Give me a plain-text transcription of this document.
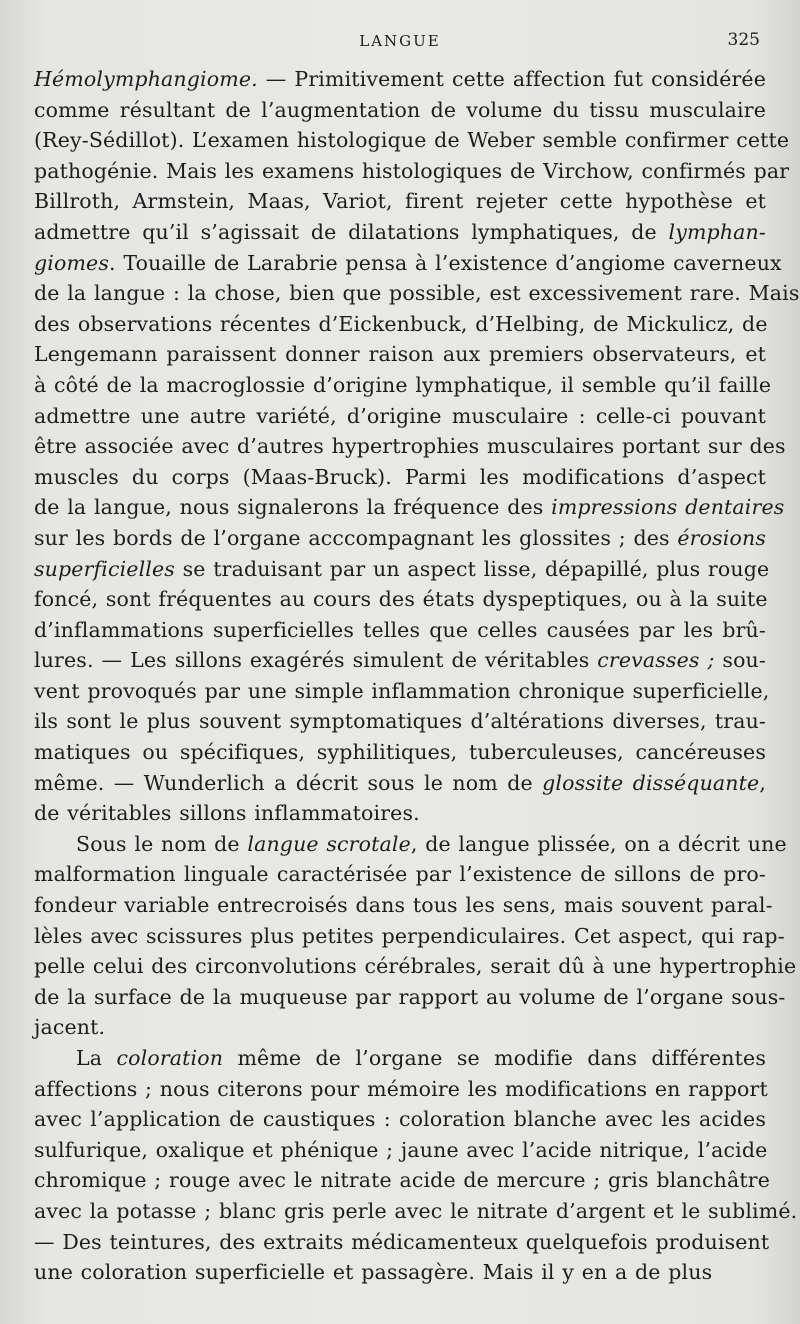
LANGUE	325
Hémolymphangiome. — Primitivement cette affection fut considérée
comme résultant de l’augmentation de volume du tissu musculaire
(Rey-Sédillot). L’examen histologique de Weber semble confirmer cette
pathogénie. Mais les examens histologiques de Virchow, confirmés par
Billroth, Armstein, Maas, Variot, firent rejeter cette hypothèse et
admettre qu’il s’agissait de dilatations lymphatiques, de lymphan-
giomes. Touaille de Larabrie pensa à l’existence d’angiome caverneux
de la langue : la chose, bien que possible, est excessivement rare. Mais
des observations récentes d’Eickenbuck, d’Helbing, de Mickulicz, de
Lengemann paraissent donner raison aux premiers observateurs, et
à côté de la macroglossie d’origine lymphatique, il semble qu’il faille
admettre une autre variété, d’origine musculaire : celle-ci pouvant
être associée avec d’autres hypertrophies musculaires portant sur des
muscles du corps (Maas-Bruck). Parmi les modifications d’aspect
de la langue, nous signalerons la fréquence des impressions dentaires
sur les bords de l’organe acccompagnant les glossites ; des érosions
superficielles se traduisant par un aspect lisse, dépapillé, plus rouge
foncé, sont fréquentes au cours des états dyspeptiques, ou à la suite
d’inflammations superficielles telles que celles causées par les brû-
lures. — Les sillons exagérés simulent de véritables crevasses ; sou-
vent provoqués par une simple inflammation chronique superficielle,
ils sont le plus souvent symptomatiques d’altérations diverses, trau-
matiques ou spécifiques, syphilitiques, tuberculeuses, cancéreuses
même. — Wunderlich a décrit sous le nom de glossite disséquante,
de véritables sillons inflammatoires.
Sous le nom de langue scrotale, de langue plissée, on a décrit une
malformation linguale caractérisée par l’existence de sillons de pro-
fondeur variable entrecroisés dans tous les sens, mais souvent paral-
lèles avec scissures plus petites perpendiculaires. Cet aspect, qui rap-
pelle celui des circonvolutions cérébrales, serait dû à une hypertrophie
de la surface de la muqueuse par rapport au volume de l’organe sous-
jacent.
La coloration même de l’organe se modifie dans différentes
affections ; nous citerons pour mémoire les modifications en rapport
avec l’application de caustiques : coloration blanche avec les acides
sulfurique, oxalique et phénique ; jaune avec l’acide nitrique, l’acide
chromique ; rouge avec le nitrate acide de mercure ; gris blanchâtre
avec la potasse ; blanc gris perle avec le nitrate d’argent et le sublimé.
— Des teintures, des extraits médicamenteux quelquefois produisent
une coloration superficielle et passagère. Mais il y en a de plus
